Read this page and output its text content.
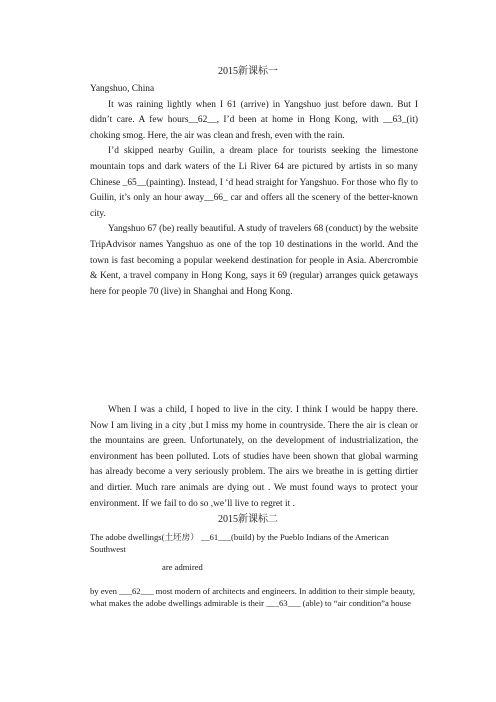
2015新课标一

Yangshuo, China

It was raining lightly when I 61 (arrive) in Yangshuo just before dawn. But I didn’t care. A few hours__62__, I’d been at home in Hong Kong, with __63_(it) choking smog. Here, the air was clean and fresh, even with the rain.

I’d skipped nearby Guilin, a dream place for tourists seeking the limestone mountain tops and dark waters of the Li River 64 are pictured by artists in so many Chinese _65__(painting). Instead, I ‘d head straight for Yangshuo. For those who fly to Guilin, it’s only an hour away__66_ car and offers all the scenery of the better-known city.

Yangshuo 67 (be) really beautiful. A study of travelers 68 (conduct) by the website TripAdvisor names Yangshuo as one of the top 10 destinations in the world. And the town is fast becoming a popular weekend destination for people in Asia. Abercrombie & Kent, a travel company in Hong Kong, says it 69 (regular) arranges quick getaways here for people 70 (live) in Shanghai and Hong Kong.

When I was a child, I hoped to live in the city. I think I would be happy there. Now I am living in a city ,but I miss my home in countryside. There the air is clean or the mountains are green. Unfortunately, on the development of industrialization, the environment has been polluted. Lots of studies have been shown that global warming has already become a very seriously problem. The airs we breathe in is getting dirtier and dirtier. Much rare animals are dying out . We must found ways to protect your environment. If we fail to do so ,we’ll live to regret it .

2015新课标二

The adobe dwellings(土坯房） __61___(build) by the Pueblo Indians of the American Southwest

are admired

by even ___62___ most modern of architects and engineers. In addition to their simple beauty, what makes the adobe dwellings admirable is their ___63___ (able) to “air condition”a house
